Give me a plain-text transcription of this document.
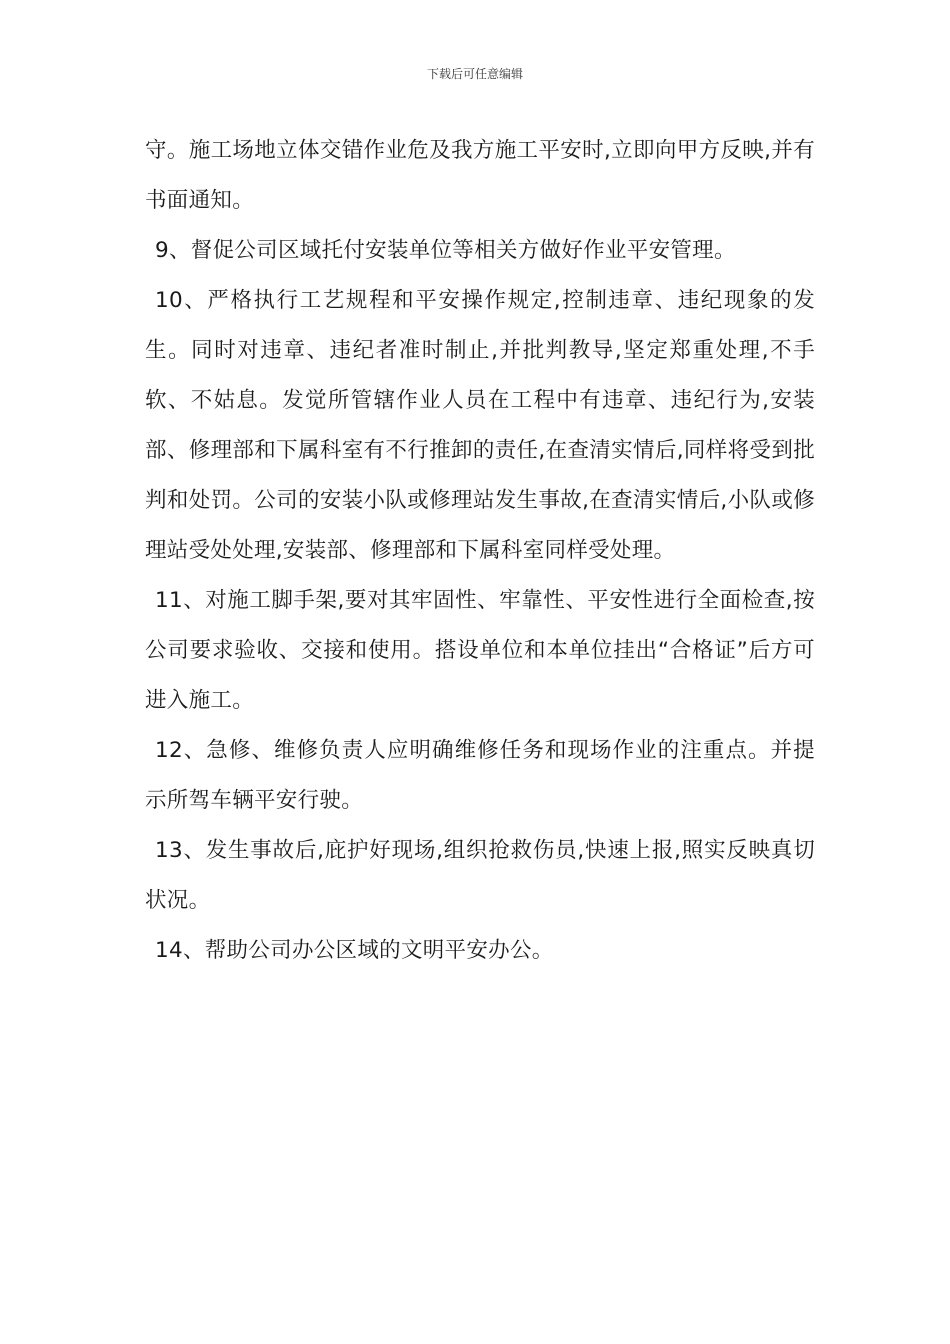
下载后可任意编辑

守。施工场地立体交错作业危及我方施工平安时,立即向甲方反映,并有书面通知。

9、督促公司区域托付安装单位等相关方做好作业平安管理。

10、严格执行工艺规程和平安操作规定,控制违章、违纪现象的发生。同时对违章、违纪者准时制止,并批判教导,坚定郑重处理,不手软、不姑息。发觉所管辖作业人员在工程中有违章、违纪行为,安装部、修理部和下属科室有不行推卸的责任,在查清实情后,同样将受到批判和处罚。公司的安装小队或修理站发生事故,在查清实情后,小队或修理站受处处理,安装部、修理部和下属科室同样受处理。

11、对施工脚手架,要对其牢固性、牢靠性、平安性进行全面检查,按公司要求验收、交接和使用。搭设单位和本单位挂出“合格证”后方可进入施工。

12、急修、维修负责人应明确维修任务和现场作业的注重点。并提示所驾车辆平安行驶。

13、发生事故后,庇护好现场,组织抢救伤员,快速上报,照实反映真切状况。

14、帮助公司办公区域的文明平安办公。
